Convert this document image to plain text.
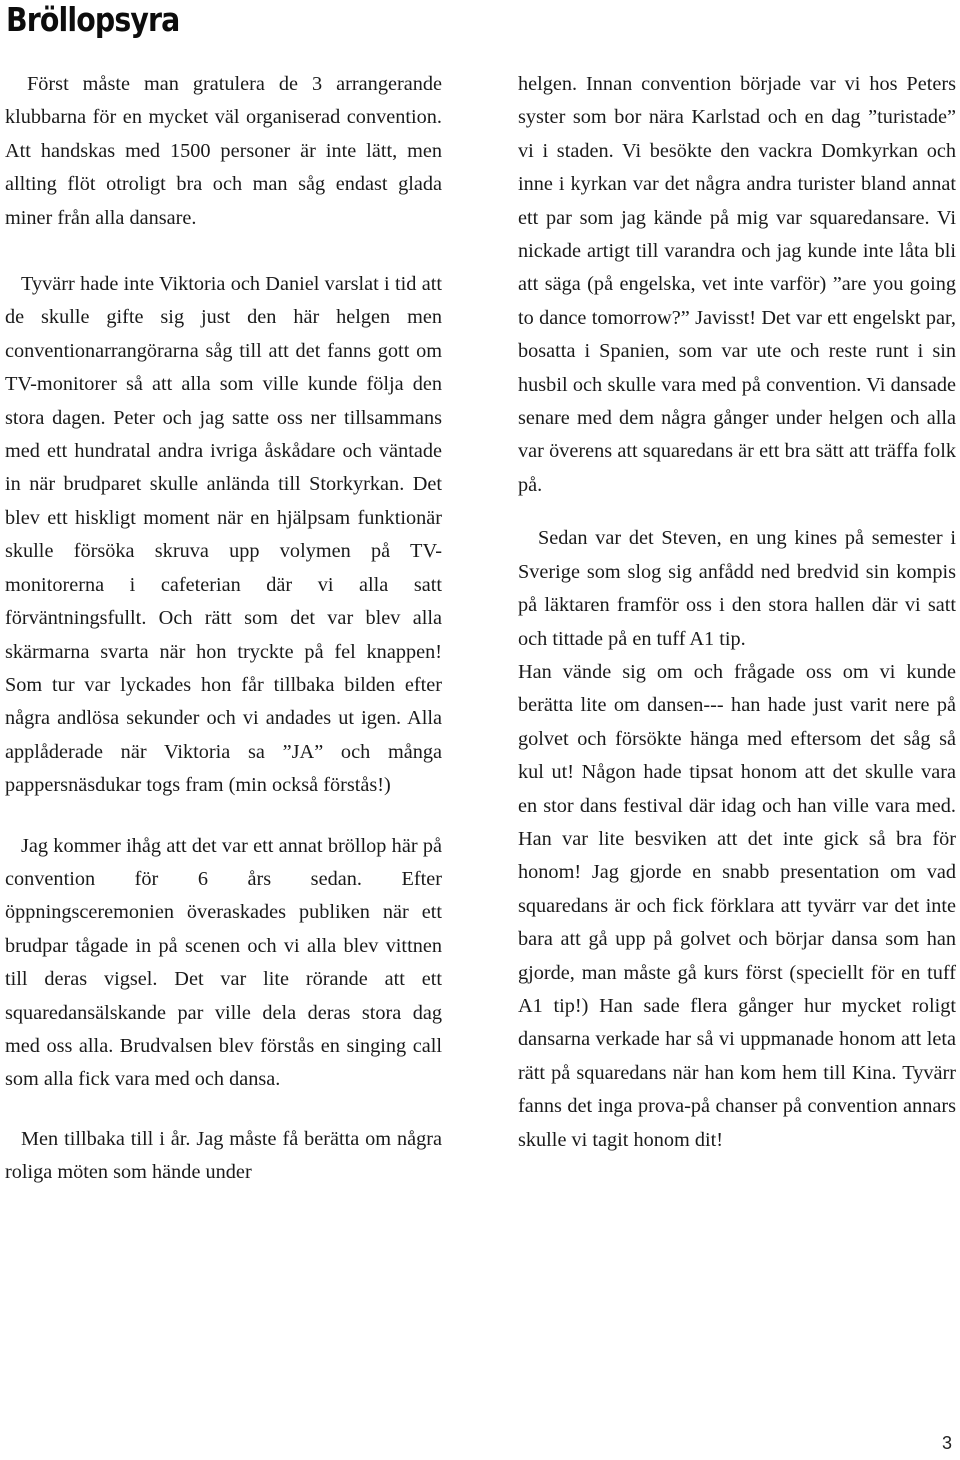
Bröllopsyra

Först måste man gratulera de 3 arrangerande klubbarna för en mycket väl organiserad convention. Att handskas med 1500 personer är inte lätt, men allting flöt otroligt bra och man såg endast glada miner från alla dansare.

Tyvärr hade inte Viktoria och Daniel varslat i tid att de skulle gifte sig just den här helgen men conventionarrangörarna såg till att det fanns gott om TV-monitorer så att alla som ville kunde följa den stora dagen. Peter och jag satte oss ner tillsammans med ett hundratal andra ivriga åskådare och väntade in när brudparet skulle anlända till Storkyrkan. Det blev ett hiskligt moment när en hjälpsam funktionär skulle försöka skruva upp volymen på TV- monitorerna i cafeterian där vi alla satt förväntningsfullt. Och rätt som det var blev alla skärmarna svarta när hon tryckte på fel knappen! Som tur var lyckades hon får tillbaka bilden efter några andlösa sekunder och vi andades ut igen. Alla applåderade när Viktoria sa ”JA” och många pappersnäsdukar togs fram (min också förstås!)

Jag kommer ihåg att det var ett annat bröllop här på convention för 6 års sedan. Efter öppningsceremonien överaskades publiken när ett brudpar tågade in på scenen och vi alla blev vittnen till deras vigsel. Det var lite rörande att ett squaredansälskande par ville dela deras stora dag med oss alla. Brudvalsen blev förstås en singing call som alla fick vara med och dansa.

Men tillbaka till i år. Jag måste få berätta om några roliga möten som hände under

helgen. Innan convention började var vi hos Peters syster som bor nära Karlstad och en dag ”turistade” vi i staden. Vi besökte den vackra Domkyrkan och inne i kyrkan var det några andra turister bland annat ett par som jag kände på mig var squaredansare. Vi nickade artigt till varandra och jag kunde inte låta bli att säga (på engelska, vet inte varför) ”are you going to dance tomorrow?” Javisst! Det var ett engelskt par, bosatta i Spanien, som var ute och reste runt i sin husbil och skulle vara med på convention. Vi dansade senare med dem några gånger under helgen och alla var överens att squaredans är ett bra sätt att träffa folk på.

Sedan var det Steven, en ung kines på semester i Sverige som slog sig anfådd ned bredvid sin kompis på läktaren framför oss i den stora hallen där vi satt och tittade på en tuff A1 tip.

Han vände sig om och frågade oss om vi kunde berätta lite om dansen--- han hade just varit nere på golvet och försökte hänga med eftersom det såg så kul ut! Någon hade tipsat honom att det skulle vara en stor dans festival där idag och han ville vara med. Han var lite besviken att det inte gick så bra för honom! Jag gjorde en snabb presentation om vad squaredans är och fick förklara att tyvärr var det inte bara att gå upp på golvet och börjar dansa som han gjorde, man måste gå kurs först (speciellt för en tuff A1 tip!) Han sade flera gånger hur mycket roligt dansarna verkade har så vi uppmanade honom att leta rätt på squaredans när han kom hem till Kina. Tyvärr fanns det inga prova-på chanser på convention annars skulle vi tagit honom dit!

3
